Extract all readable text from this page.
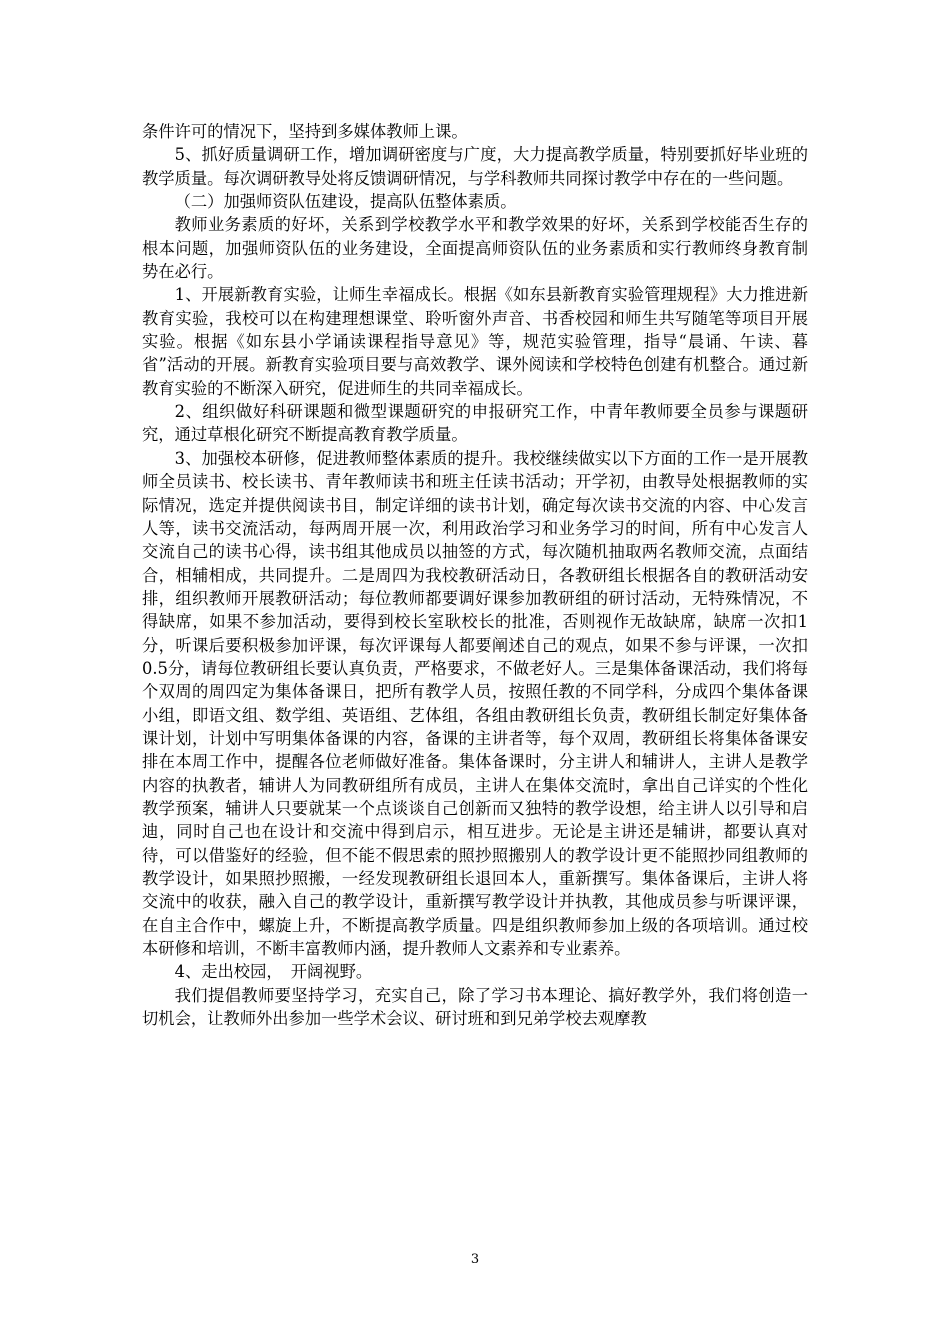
条件许可的情况下，坚持到多媒体教师上课。

5、抓好质量调研工作，增加调研密度与广度，大力提高教学质量，特别要抓好毕业班的教学质量。每次调研教导处将反馈调研情况，与学科教师共同探讨教学中存在的一些问题。

（二）加强师资队伍建设，提高队伍整体素质。

教师业务素质的好坏，关系到学校教学水平和教学效果的好坏，关系到学校能否生存的根本问题，加强师资队伍的业务建设，全面提高师资队伍的业务素质和实行教师终身教育制势在必行。

1、开展新教育实验，让师生幸福成长。根据《如东县新教育实验管理规程》大力推进新教育实验，我校可以在构建理想课堂、聆听窗外声音、书香校园和师生共写随笔等项目开展实验。根据《如东县小学诵读课程指导意见》等，规范实验管理，指导“晨诵、午读、暮省”活动的开展。新教育实验项目要与高效教学、课外阅读和学校特色创建有机整合。通过新教育实验的不断深入研究，促进师生的共同幸福成长。

2、组织做好科研课题和微型课题研究的申报研究工作，中青年教师要全员参与课题研究，通过草根化研究不断提高教育教学质量。

3、加强校本研修，促进教师整体素质的提升。我校继续做实以下方面的工作一是开展教师全员读书、校长读书、青年教师读书和班主任读书活动；开学初，由教导处根据教师的实际情况，选定并提供阅读书目，制定详细的读书计划，确定每次读书交流的内容、中心发言人等，读书交流活动，每两周开展一次，利用政治学习和业务学习的时间，所有中心发言人交流自己的读书心得，读书组其他成员以抽签的方式，每次随机抽取两名教师交流，点面结合，相辅相成，共同提升。二是周四为我校教研活动日，各教研组长根据各自的教研活动安排，组织教师开展教研活动；每位教师都要调好课参加教研组的研讨活动，无特殊情况，不得缺席，如果不参加活动，要得到校长室耿校长的批准，否则视作无故缺席，缺席一次扣1分，听课后要积极参加评课，每次评课每人都要阐述自己的观点，如果不参与评课，一次扣0.5分，请每位教研组长要认真负责，严格要求，不做老好人。三是集体备课活动，我们将每个双周的周四定为集体备课日，把所有教学人员，按照任教的不同学科，分成四个集体备课小组，即语文组、数学组、英语组、艺体组，各组由教研组长负责，教研组长制定好集体备课计划，计划中写明集体备课的内容，备课的主讲者等，每个双周，教研组长将集体备课安排在本周工作中，提醒各位老师做好准备。集体备课时，分主讲人和辅讲人，主讲人是教学内容的执教者，辅讲人为同教研组所有成员，主讲人在集体交流时，拿出自己详实的个性化教学预案，辅讲人只要就某一个点谈谈自己创新而又独特的教学设想，给主讲人以引导和启迪，同时自己也在设计和交流中得到启示，相互进步。无论是主讲还是辅讲，都要认真对待，可以借鉴好的经验，但不能不假思索的照抄照搬别人的教学设计更不能照抄同组教师的教学设计，如果照抄照搬，一经发现教研组长退回本人，重新撰写。集体备课后，主讲人将交流中的收获，融入自己的教学设计，重新撰写教学设计并执教，其他成员参与听课评课，在自主合作中，螺旋上升，不断提高教学质量。四是组织教师参加上级的各项培训。通过校本研修和培训，不断丰富教师内涵，提升教师人文素养和专业素养。

4、走出校园，　开阔视野。

我们提倡教师要坚持学习，充实自己，除了学习书本理论、搞好教学外，我们将创造一切机会，让教师外出参加一些学术会议、研讨班和到兄弟学校去观摩教

3
